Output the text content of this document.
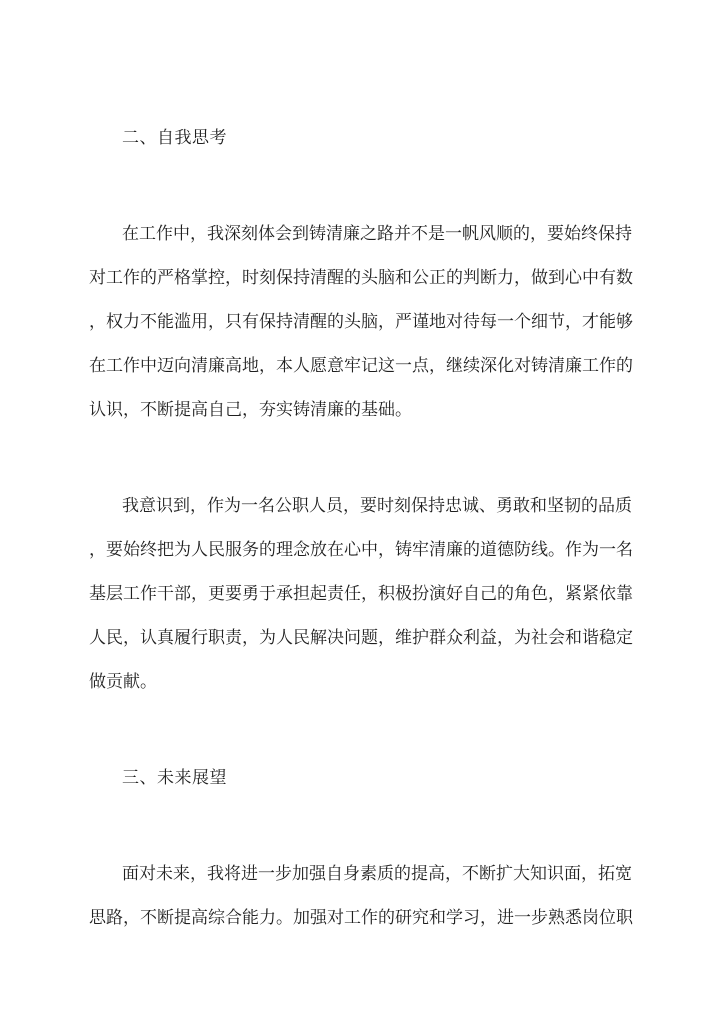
二、自我思考
在工作中，我深刻体会到铸清廉之路并不是一帆风顺的，要始终保持
对工作的严格掌控，时刻保持清醒的头脑和公正的判断力，做到心中有数
，权力不能滥用，只有保持清醒的头脑，严谨地对待每一个细节，才能够
在工作中迈向清廉高地，本人愿意牢记这一点，继续深化对铸清廉工作的
认识，不断提高自己，夯实铸清廉的基础。
我意识到，作为一名公职人员，要时刻保持忠诚、勇敢和坚韧的品质
，要始终把为人民服务的理念放在心中，铸牢清廉的道德防线。作为一名
基层工作干部，更要勇于承担起责任，积极扮演好自己的角色，紧紧依靠
人民，认真履行职责，为人民解决问题，维护群众利益，为社会和谐稳定
做贡献。
三、未来展望
面对未来，我将进一步加强自身素质的提高，不断扩大知识面，拓宽
思路，不断提高综合能力。加强对工作的研究和学习，进一步熟悉岗位职
